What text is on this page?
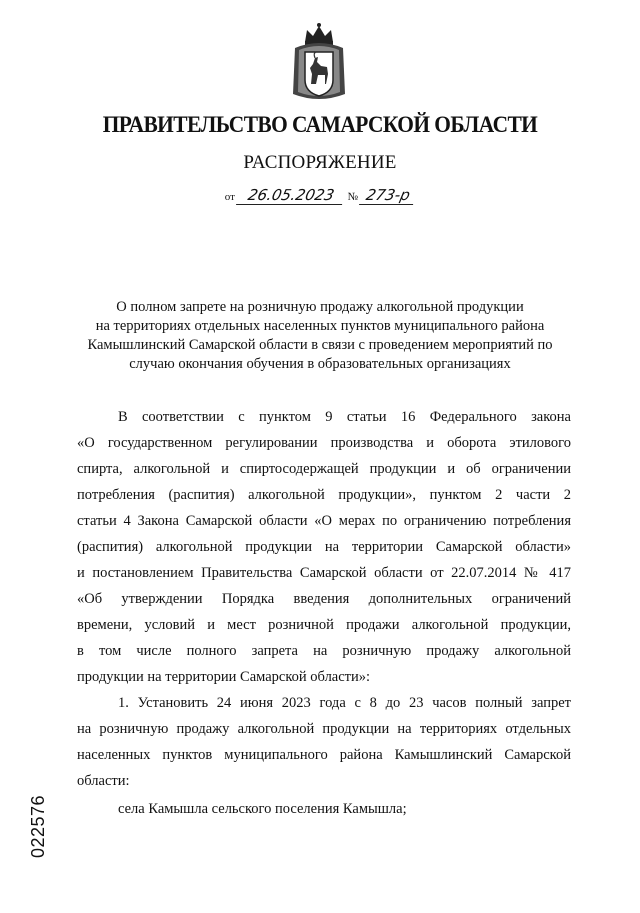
ПРАВИТЕЛЬСТВО САМАРСКОЙ ОБЛАСТИ
РАСПОРЯЖЕНИЕ
от 26.05.2023 № 273-р
О полном запрете на розничную продажу алкогольной продукции
на территориях отдельных населенных пунктов муниципального района
Камышлинский Самарской области в связи с проведением мероприятий по
случаю окончания обучения в образовательных организациях
В соответствии с пунктом 9 статьи 16 Федерального закона
«О государственном регулировании производства и оборота этилового
спирта, алкогольной и спиртосодержащей продукции и об ограничении
потребления (распития) алкогольной продукции», пунктом 2 части 2
статьи 4 Закона Самарской области «О мерах по ограничению потребления
(распития) алкогольной продукции на территории Самарской области»
и постановлением Правительства Самарской области от 22.07.2014 № 417
«Об утверждении Порядка введения дополнительных ограничений
времени, условий и мест розничной продажи алкогольной продукции,
в том числе полного запрета на розничную продажу алкогольной
продукции на территории Самарской области»:
1. Установить 24 июня 2023 года с 8 до 23 часов полный запрет
на розничную продажу алкогольной продукции на территориях отдельных
населенных пунктов муниципального района Камышлинский Самарской
области:
села Камышла сельского поселения Камышла;
022576
